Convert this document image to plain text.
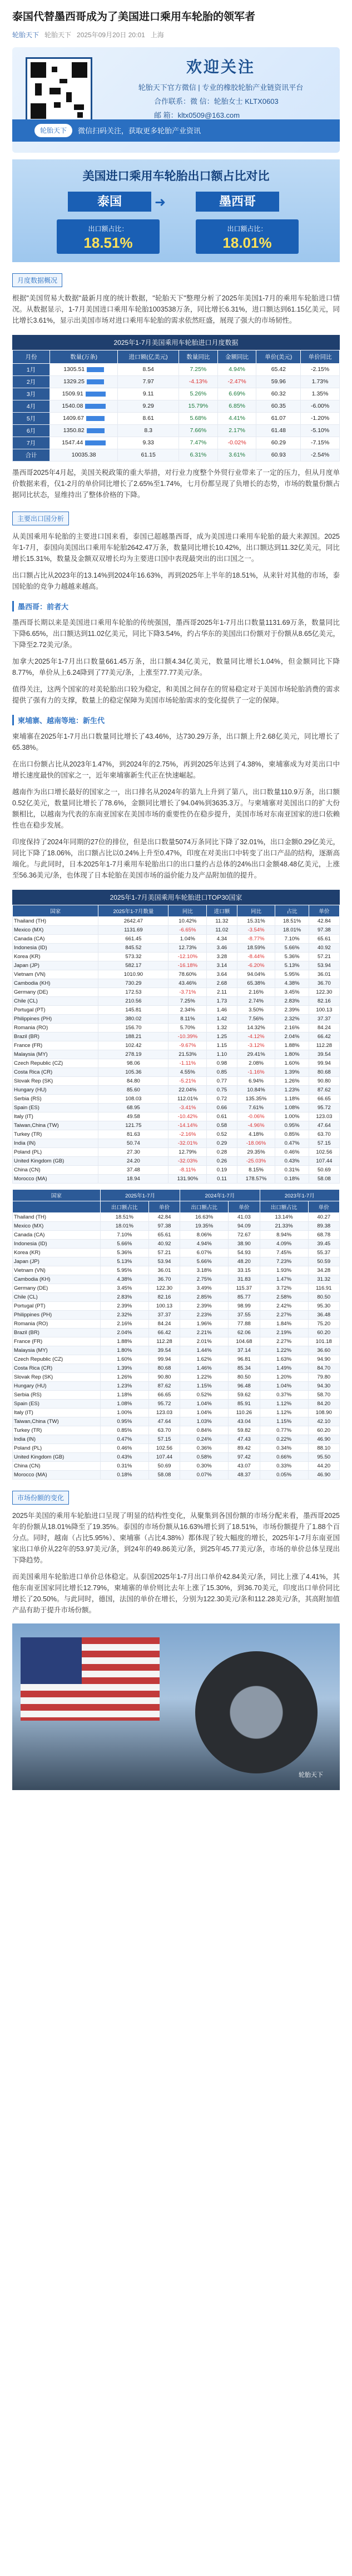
泰国代替墨西哥成为了美国进口乘用车轮胎的领军者
轮胎天下 轮胎天下 2025年09月20日 20:01 上海
欢迎关注
轮胎天下官方微信 | 专业的橡胶轮胎产业链资讯平台
合作联系：微 信：轮胎女士 KLTX0603
邮 箱：kltx0509@163.com
轮胎天下	微信扫码关注，获取更多轮胎产业资讯
美国进口乘用车轮胎出口额占比对比
泰国	➜	墨西哥
出口额占比：
18.51%
出口额占比：
18.01%
月度数据概况
根据"美国贸易大数据"最新月度的统计数据，"轮胎天下"整理分析了2025年美国1-7月的乘用车轮胎进口情况。从数据显示，1-7月美国进口乘用车轮胎1003538万条，同比增长6.31%，进口额达到61.15亿美元，同比增长3.61%，显示出美国市场对进口乘用车轮胎的需求依然旺盛，展现了强大的市场韧性。
2025年1-7月美国乘用车轮胎进口月度数据
月份	数量(万条)	进口额(亿美元)	数量同比	金额同比	单价(美元)	单价同比
1月	1305.51	8.54	7.25%	4.94%	65.42	-2.15%
2月	1329.25	7.97	-4.13%	-2.47%	59.96	1.73%
3月	1509.91	9.11	5.26%	6.69%	60.32	1.35%
4月	1540.08	9.29	15.79%	6.85%	60.35	-6.00%
5月	1409.67	8.61	5.68%	4.41%	61.07	-1.20%
6月	1350.82	8.3	7.66%	2.17%	61.48	-5.10%
7月	1547.44	9.33	7.47%	-0.02%	60.29	-7.15%
合计	10035.38	61.15	6.31%	3.61%	60.93	-2.54%
墨西哥2025年4月起，美国关税政策的重大举措，对行业力度整个外贸行业带来了一定的压力，但从月度单价数据来看，仅1-2月的单价同比增长了2.65%至1.74%，七月份都呈现了负增长的态势，市场的数量份额占据同比状态，显维持出了整体价格的下降。
主要出口国分析
从美国乘用车轮胎的主要进口国来看，泰国已超越墨西哥，成为美国进口乘用车轮胎的最大来源国。2025年1-7月，泰国向美国出口乘用车轮胎2642.47万条，数量同比增长10.42%，出口额达到11.32亿美元，同比增长15.31%，数量及金额双双增长均为主要进口国中表现最突出的出口国之一。
出口额占比从2023年的13.14%到2024年16.63%，再到2025年上半年的18.51%，从来针对其他的市场，泰国轮胎的竞争力越越来越高。
墨西哥：前者大
墨西哥长期以来是美国进口乘用车轮胎的传统强国，墨西哥2025年1-7月出口数量1131.69万条，数量同比下降6.65%，出口额达到11.02亿美元，同比下降3.54%，约占华东的美国出口份额对于份额从8.65亿美元，下降至2.72美元/条。
加拿大2025年1-7月出口数量661.45万条，出口额4.34亿美元，数量同比增长1.04%，但金额同比下降8.77%，单价从上6.24降到了77美元/条，上涨至77.77美元/条。
值得关注，这两个国家的对美轮胎出口较为稳定，和美国之间存在的贸易稳定对于美国市场轮胎消费的需求提供了强有力的支撑，数量上的稳定保障为美国市场轮胎需求的变化提供了一定的保障。
柬埔寨、越南等地：新生代
柬埔寨在2025年1-7月出口数量同比增长了43.46%，达730.29万条，出口额上升2.68亿美元，同比增长了65.38%。
在出口份额占比从2023年1.47%，到2024年的2.75%，再到2025年达到了4.38%，柬埔寨成为对美出口中增长速度最快的国家之一，近年柬埔寨新生代正在快速崛起。
越南作为出口增长最好的国家之一，出口排名从2024年的第九上升到了第八，出口数量110.9万条，出口额0.52亿美元，数量同比增长了78.6%，金额同比增长了94.04%到3635.3万。与柬埔寨对美国出口的扩大份额相比，以越南为代表的东南亚国家在美国市场的重要性仍在稳步提升，美国市场对东南亚国家的进口依赖性也在稳步发展。
印度保持了2024年同期的27位的排位，但是出口数量5074万条同比下降了32.01%，出口金额0.29亿美元，同比下降了18.06%，出口额占比以0.24%上升至0.47%，印度在对美出口中转变了出口产品的结构，逐渐高端化。与此同时，日本2025年1-7月乘用车轮胎出口的出口量约占总体的24%出口金额48.48亿美元，上涨至56.36美元/条，也体现了日本轮胎在美国市场的溢价能力及产品附加值的提升。
2025年1-7月美国乘用车轮胎进口TOP30国家
国家	2025年1-7月数量	同比	进口额	同比	占比	单价
Thailand (TH)	2642.47	10.42%	11.32	15.31%	18.51%	42.84
Mexico (MX)	1131.69	-6.65%	11.02	-3.54%	18.01%	97.38
Canada (CA)	661.45	1.04%	4.34	-8.77%	7.10%	65.61
Indonesia (ID)	845.52	12.73%	3.46	18.59%	5.66%	40.92
Korea (KR)	573.32	-12.10%	3.28	-8.44%	5.36%	57.21
Japan (JP)	582.17	-16.18%	3.14	-6.20%	5.13%	53.94
Vietnam (VN)	1010.90	78.60%	3.64	94.04%	5.95%	36.01
Cambodia (KH)	730.29	43.46%	2.68	65.38%	4.38%	36.70
Germany (DE)	172.53	-3.71%	2.11	2.16%	3.45%	122.30
Chile (CL)	210.56	7.25%	1.73	2.74%	2.83%	82.16
Portugal (PT)	145.81	2.34%	1.46	3.50%	2.39%	100.13
Philippines (PH)	380.02	8.11%	1.42	7.56%	2.32%	37.37
Romania (RO)	156.70	5.70%	1.32	14.32%	2.16%	84.24
Brazil (BR)	188.21	-10.39%	1.25	-4.12%	2.04%	66.42
France (FR)	102.42	-9.67%	1.15	-3.12%	1.88%	112.28
Malaysia (MY)	278.19	21.53%	1.10	29.41%	1.80%	39.54
Czech Republic (CZ)	98.06	-1.11%	0.98	2.08%	1.60%	99.94
Costa Rica (CR)	105.36	4.55%	0.85	-1.16%	1.39%	80.68
Slovak Rep (SK)	84.80	-5.21%	0.77	6.94%	1.26%	90.80
Hungary (HU)	85.60	22.04%	0.75	10.84%	1.23%	87.62
Serbia (RS)	108.03	112.01%	0.72	135.35%	1.18%	66.65
Spain (ES)	68.95	-3.41%	0.66	7.61%	1.08%	95.72
Italy (IT)	49.58	-10.42%	0.61	-0.06%	1.00%	123.03
Taiwan,China (TW)	121.75	-14.14%	0.58	-4.96%	0.95%	47.64
Turkey (TR)	81.63	-2.16%	0.52	4.18%	0.85%	63.70
India (IN)	50.74	-32.01%	0.29	-18.06%	0.47%	57.15
Poland (PL)	27.30	12.79%	0.28	29.35%	0.46%	102.56
United Kingdom (GB)	24.20	-32.03%	0.26	-25.03%	0.43%	107.44
China (CN)	37.48	-8.11%	0.19	8.15%	0.31%	50.69
Morocco (MA)	18.94	131.90%	0.11	178.57%	0.18%	58.08
国家	2025年1-7月		2024年1-7月		2023年1-7月	
	出口额占比	单价	出口额占比	单价	出口额占比	单价
Thailand (TH)	18.51%	42.84	16.63%	41.03	13.14%	40.27
Mexico (MX)	18.01%	97.38	19.35%	94.09	21.33%	89.38
Canada (CA)	7.10%	65.61	8.06%	72.67	8.94%	68.78
Indonesia (ID)	5.66%	40.92	4.94%	38.90	4.09%	39.45
Korea (KR)	5.36%	57.21	6.07%	54.93	7.45%	55.37
Japan (JP)	5.13%	53.94	5.66%	48.20	7.23%	50.59
Vietnam (VN)	5.95%	36.01	3.18%	33.15	1.93%	34.28
Cambodia (KH)	4.38%	36.70	2.75%	31.83	1.47%	31.32
Germany (DE)	3.45%	122.30	3.49%	115.37	3.72%	116.91
Chile (CL)	2.83%	82.16	2.85%	85.77	2.58%	80.50
Portugal (PT)	2.39%	100.13	2.39%	98.99	2.42%	95.30
Philippines (PH)	2.32%	37.37	2.23%	37.55	2.27%	36.48
Romania (RO)	2.16%	84.24	1.96%	77.88	1.84%	75.20
Brazil (BR)	2.04%	66.42	2.21%	62.06	2.19%	60.20
France (FR)	1.88%	112.28	2.01%	104.68	2.27%	101.18
Malaysia (MY)	1.80%	39.54	1.44%	37.14	1.22%	36.60
Czech Republic (CZ)	1.60%	99.94	1.62%	96.81	1.63%	94.90
Costa Rica (CR)	1.39%	80.68	1.46%	85.34	1.49%	84.70
Slovak Rep (SK)	1.26%	90.80	1.22%	80.50	1.20%	79.80
Hungary (HU)	1.23%	87.62	1.15%	96.48	1.04%	94.30
Serbia (RS)	1.18%	66.65	0.52%	59.62	0.37%	58.70
Spain (ES)	1.08%	95.72	1.04%	85.91	1.12%	84.20
Italy (IT)	1.00%	123.03	1.04%	110.26	1.12%	108.90
Taiwan,China (TW)	0.95%	47.64	1.03%	43.04	1.15%	42.10
Turkey (TR)	0.85%	63.70	0.84%	59.82	0.77%	60.20
India (IN)	0.47%	57.15	0.24%	47.43	0.22%	46.90
Poland (PL)	0.46%	102.56	0.36%	89.42	0.34%	88.10
United Kingdom (GB)	0.43%	107.44	0.58%	97.42	0.66%	95.50
China (CN)	0.31%	50.69	0.30%	43.07	0.33%	44.20
Morocco (MA)	0.18%	58.08	0.07%	48.37	0.05%	46.90
市场份额的变化
2025年美国的乘用车轮胎进口呈现了明显的结构性变化，从聚集到各国份额的市场分配来看，墨西哥2025年的份额从18.01%降至了19.35%。泰国的市场份额从16.63%增长到了18.51%，市场份额提升了1.88个百分点。同时，越南（占比5.95%）、柬埔寨（占比4.38%）都体现了较大幅度的增长，2025年1-7月东南亚国家出口单价从22年的53.97美元/条，到24年的49.86美元/条，到25年45.77美元/条，市场的单价总体呈现出下降趋势。
而美国乘用车轮胎进口单价总体稳定。从泰国2025年1-7月出口单价42.84美元/条，同比上涨了4.41%，其他东南亚国家同比增长12.79%，柬埔寨的单价则比去年上涨了15.30%，到36.70美元，印度出口单价同比增长了20.50%。与此同时，德国，法国的单价在增长，分别为122.30美元/条和112.28美元/条，其高附加值产品有助于提升市场份额。
轮胎天下
